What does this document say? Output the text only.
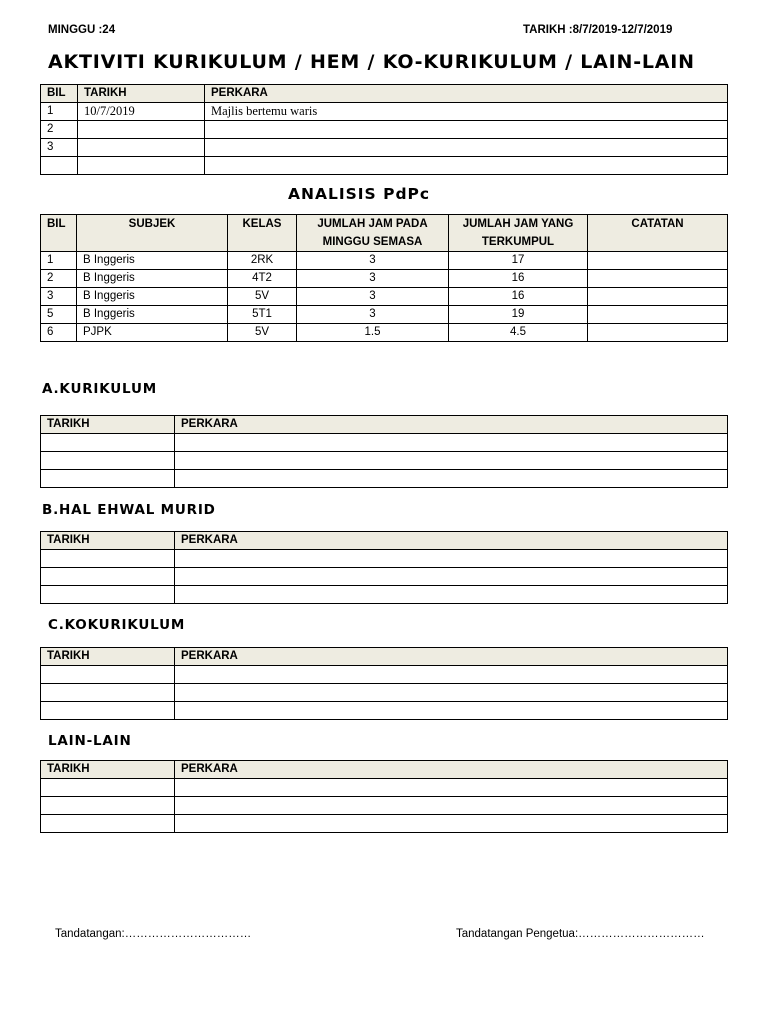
MINGGU :24	TARIKH :8/7/2019-12/7/2019
AKTIVITI KURIKULUM / HEM / KO-KURIKULUM / LAIN-LAIN
BIL	TARIKH	PERKARA
1	10/7/2019	Majlis bertemu waris
2		
3		

ANALISIS PdPc
BIL	SUBJEK	KELAS	JUMLAH JAM PADA MINGGU SEMASA	JUMLAH JAM YANG TERKUMPUL	CATATAN
1	B Inggeris	2RK	3	17	
2	B Inggeris	4T2	3	16	
3	B Inggeris	5V	3	16	
5	B Inggeris	5T1	3	19	
6	PJPK	5V	1.5	4.5	
A.KURIKULUM
TARIKH	PERKARA

B.HAL EHWAL MURID
TARIKH	PERKARA

C.KOKURIKULUM
TARIKH	PERKARA

LAIN-LAIN
TARIKH	PERKARA

Tandatangan:……………………………	Tandatangan Pengetua:……………………………
